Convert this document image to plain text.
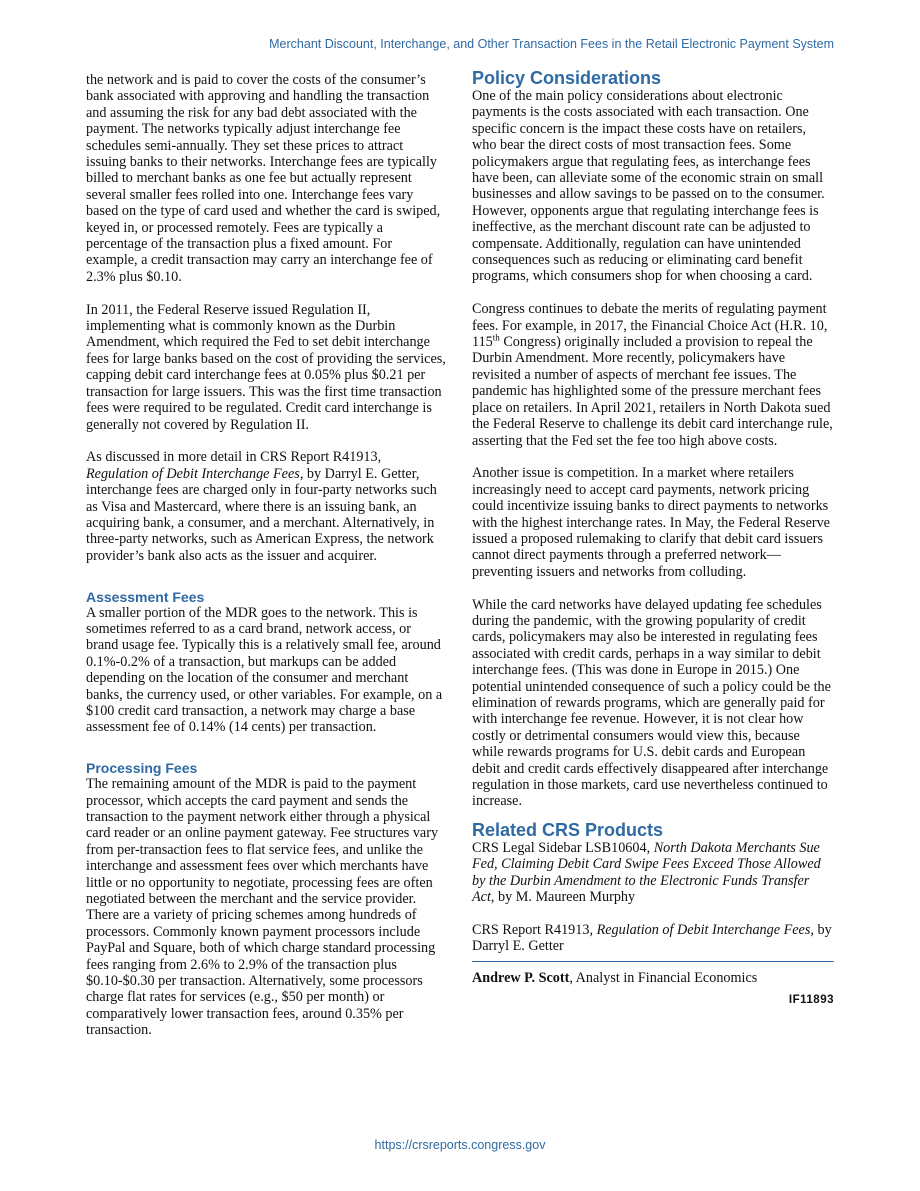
Merchant Discount, Interchange, and Other Transaction Fees in the Retail Electronic Payment System

the network and is paid to cover the costs of the consumer’s bank associated with approving and handling the transaction and assuming the risk for any bad debt associated with the payment. The networks typically adjust interchange fee schedules semi-annually. They set these prices to attract issuing banks to their networks. Interchange fees are typically billed to merchant banks as one fee but actually represent several smaller fees rolled into one. Interchange fees vary based on the type of card used and whether the card is swiped, keyed in, or processed remotely. Fees are typically a percentage of the transaction plus a fixed amount. For example, a credit transaction may carry an interchange fee of 2.3% plus $0.10.

In 2011, the Federal Reserve issued Regulation II, implementing what is commonly known as the Durbin Amendment, which required the Fed to set debit interchange fees for large banks based on the cost of providing the services, capping debit card interchange fees at 0.05% plus $0.21 per transaction for large issuers. This was the first time transaction fees were required to be regulated. Credit card interchange is generally not covered by Regulation II.

As discussed in more detail in CRS Report R41913, Regulation of Debit Interchange Fees, by Darryl E. Getter, interchange fees are charged only in four-party networks such as Visa and Mastercard, where there is an issuing bank, an acquiring bank, a consumer, and a merchant. Alternatively, in three-party networks, such as American Express, the network provider’s bank also acts as the issuer and acquirer.

Assessment Fees

A smaller portion of the MDR goes to the network. This is sometimes referred to as a card brand, network access, or brand usage fee. Typically this is a relatively small fee, around 0.1%-0.2% of a transaction, but markups can be added depending on the location of the consumer and merchant banks, the currency used, or other variables. For example, on a $100 credit card transaction, a network may charge a base assessment fee of 0.14% (14 cents) per transaction.

Processing Fees

The remaining amount of the MDR is paid to the payment processor, which accepts the card payment and sends the transaction to the payment network either through a physical card reader or an online payment gateway. Fee structures vary from per-transaction fees to flat service fees, and unlike the interchange and assessment fees over which merchants have little or no opportunity to negotiate, processing fees are often negotiated between the merchant and the service provider. There are a variety of pricing schemes among hundreds of processors. Commonly known payment processors include PayPal and Square, both of which charge standard processing fees ranging from 2.6% to 2.9% of the transaction plus $0.10-$0.30 per transaction. Alternatively, some processors charge flat rates for services (e.g., $50 per month) or comparatively lower transaction fees, around 0.35% per transaction.

Policy Considerations

One of the main policy considerations about electronic payments is the costs associated with each transaction. One specific concern is the impact these costs have on retailers, who bear the direct costs of most transaction fees. Some policymakers argue that regulating fees, as interchange fees have been, can alleviate some of the economic strain on small businesses and allow savings to be passed on to the consumer. However, opponents argue that regulating interchange fees is ineffective, as the merchant discount rate can be adjusted to compensate. Additionally, regulation can have unintended consequences such as reducing or eliminating card benefit programs, which consumers shop for when choosing a card.

Congress continues to debate the merits of regulating payment fees. For example, in 2017, the Financial Choice Act (H.R. 10, 115th Congress) originally included a provision to repeal the Durbin Amendment. More recently, policymakers have revisited a number of aspects of merchant fee issues. The pandemic has highlighted some of the pressure merchant fees place on retailers. In April 2021, retailers in North Dakota sued the Federal Reserve to challenge its debit card interchange rule, asserting that the Fed set the fee too high above costs.

Another issue is competition. In a market where retailers increasingly need to accept card payments, network pricing could incentivize issuing banks to direct payments to networks with the highest interchange rates. In May, the Federal Reserve issued a proposed rulemaking to clarify that debit card issuers cannot direct payments through a preferred network—preventing issuers and networks from colluding.

While the card networks have delayed updating fee schedules during the pandemic, with the growing popularity of credit cards, policymakers may also be interested in regulating fees associated with credit cards, perhaps in a way similar to debit interchange fees. (This was done in Europe in 2015.) One potential unintended consequence of such a policy could be the elimination of rewards programs, which are generally paid for with interchange fee revenue. However, it is not clear how costly or detrimental consumers would view this, because while rewards programs for U.S. debit cards and European debit and credit cards effectively disappeared after interchange regulation in those markets, card use nevertheless continued to increase.

Related CRS Products

CRS Legal Sidebar LSB10604, North Dakota Merchants Sue Fed, Claiming Debit Card Swipe Fees Exceed Those Allowed by the Durbin Amendment to the Electronic Funds Transfer Act, by M. Maureen Murphy

CRS Report R41913, Regulation of Debit Interchange Fees, by Darryl E. Getter

Andrew P. Scott, Analyst in Financial Economics
IF11893
https://crsreports.congress.gov
